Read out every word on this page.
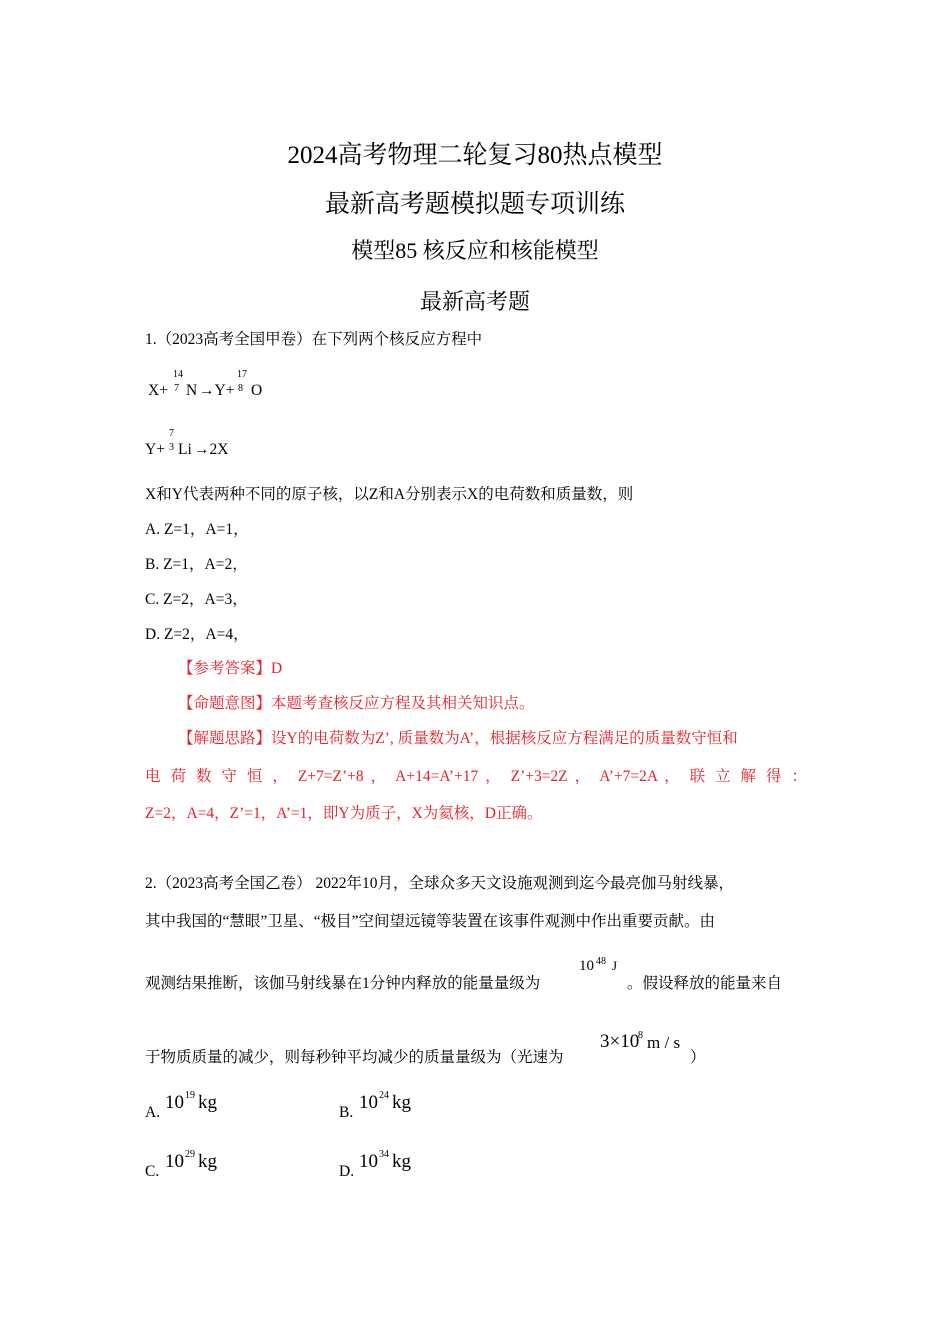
2024高考物理二轮复习80热点模型
最新高考题模拟题专项训练
模型85 核反应和核能模型
最新高考题
1.（2023高考全国甲卷）在下列两个核反应方程中
X+
14
7 N →Y+
17
8 O
Y+
7
3 Li →2X
X和Y代表两种不同的原子核，以Z和A分别表示X的电荷数和质量数，则
A. Z=1，A=1，
B. Z=1，A=2，
C. Z=2，A=3，
D. Z=2，A=4，
【参考答案】D
【命题意图】本题考查核反应方程及其相关知识点。
【解题思路】设Y的电荷数为Z’, 质量数为A’，根据核反应方程满足的质量数守恒和
电 荷 数 守 恒 ， Z+7=Z’+8 ， A+14=A’+17 ， Z’+3=2Z ， A’+7=2A ， 联 立 解 得 ：
Z=2，A=4，Z’=1，A’=1，即Y为质子，X为氦核，D正确。
2.（2023高考全国乙卷） 2022年10月，全球众多天文设施观测到迄今最亮伽马射线暴，
其中我国的“慧眼”卫星、“极目”空间望远镜等装置在该事件观测中作出重要贡献。由
观测结果推断，该伽马射线暴在1分钟内释放的能量量级为
10 48 J
。假设释放的能量来自
于物质质量的减少，则每秒钟平均减少的质量量级为（光速为
3×10
8 m / s
）
A. 10 19 kg	B. 10 24 kg
C. 10 29 kg	D. 10 34 kg
